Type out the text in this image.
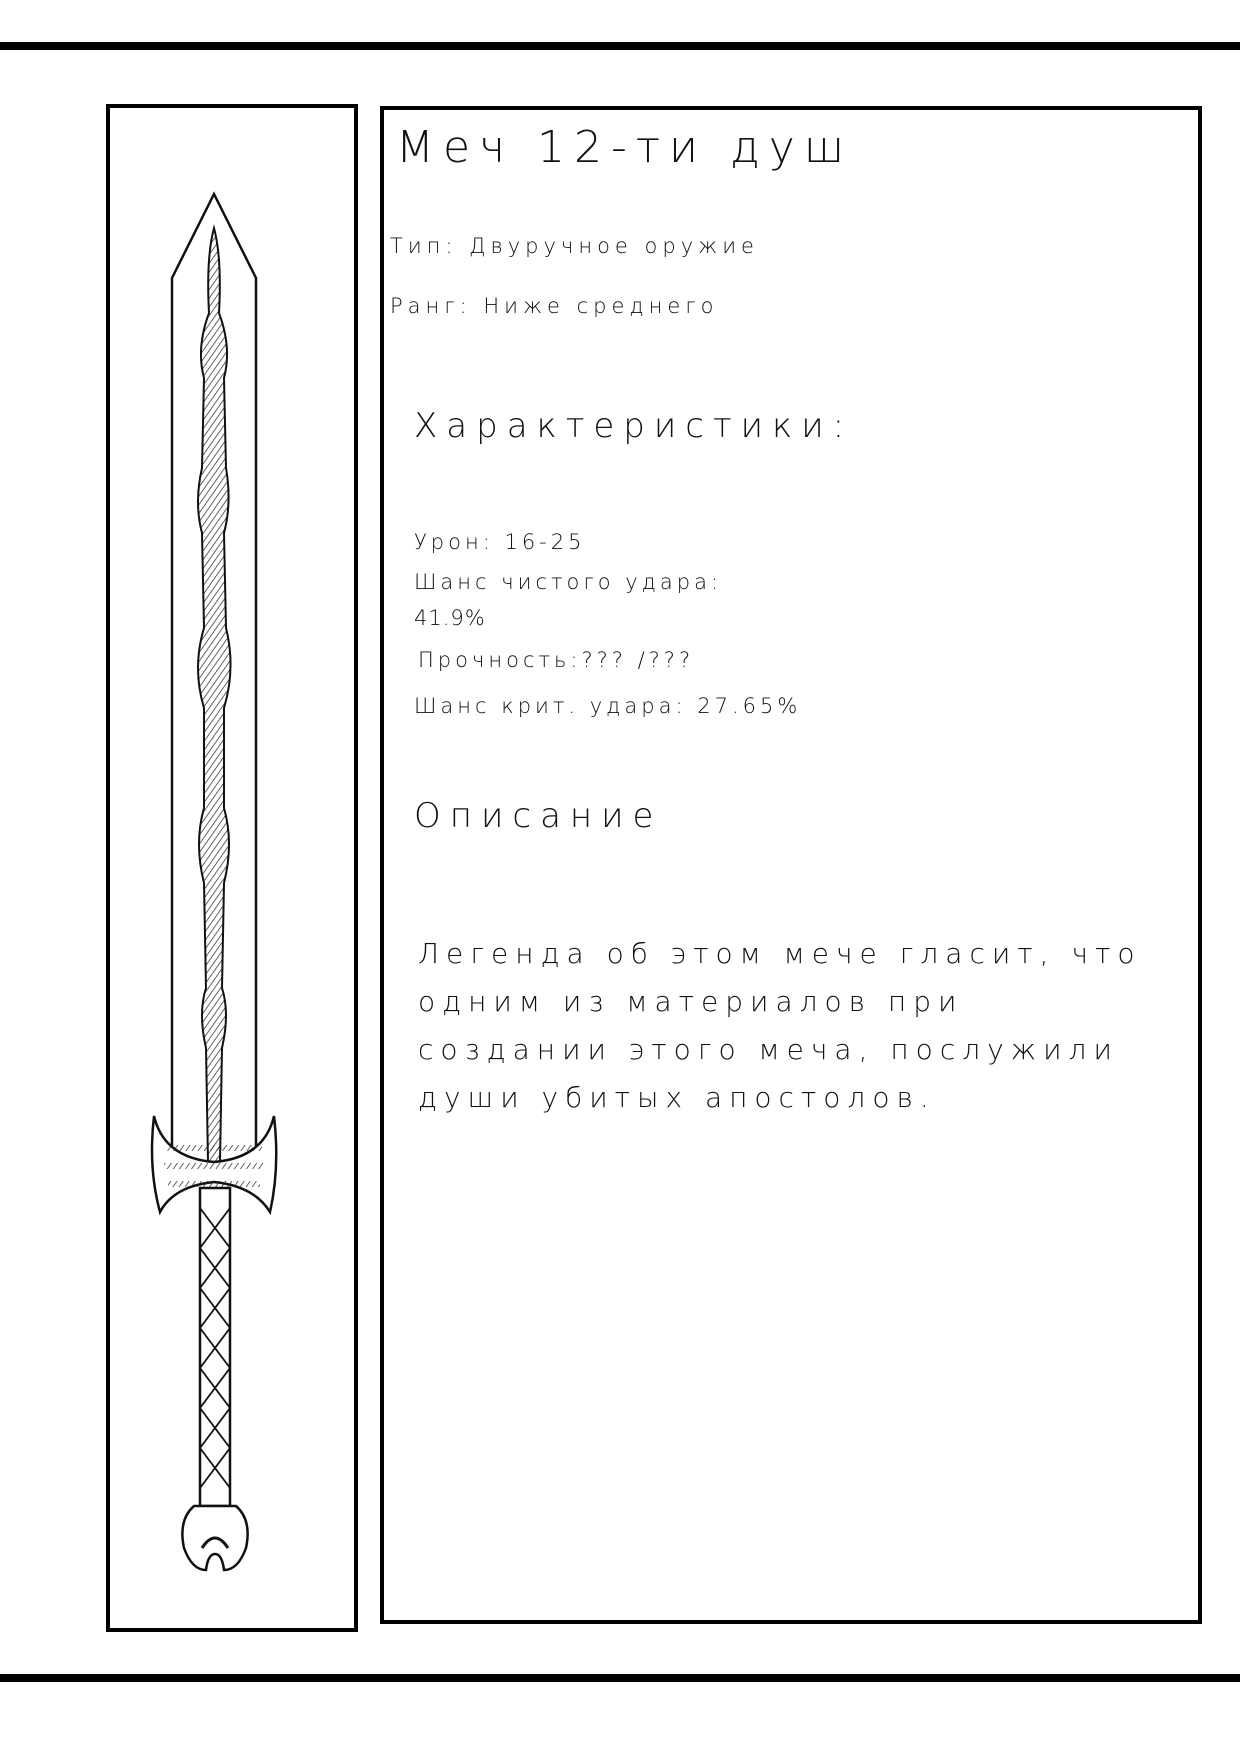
Меч 12-ти душ
Тип: Двуручное оружие
Ранг: Ниже среднего
Характеристики:
Урон: 16-25
Шанс чистого удара:
41.9%
Прочность:??? /???
Шанс крит. удара: 27.65%
Описание
Легенда об этом мече гласит, что
одним из материалов при
создании этого меча, послужили
души убитых апостолов.
